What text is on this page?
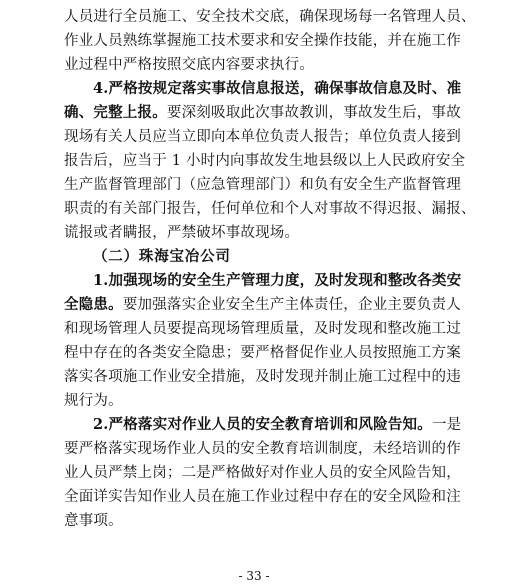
人员进行全员施工、安全技术交底，确保现场每一名管理人员、
作业人员熟练掌握施工技术要求和安全操作技能，并在施工作
业过程中严格按照交底内容要求执行。
4.严格按规定落实事故信息报送，确保事故信息及时、准
确、完整上报。要深刻吸取此次事故教训，事故发生后，事故
现场有关人员应当立即向本单位负责人报告；单位负责人接到
报告后，应当于 1 小时内向事故发生地县级以上人民政府安全
生产监督管理部门（应急管理部门）和负有安全生产监督管理
职责的有关部门报告，任何单位和个人对事故不得迟报、漏报、
谎报或者瞒报，严禁破坏事故现场。
（二）珠海宝冶公司
1.加强现场的安全生产管理力度，及时发现和整改各类安
全隐患。要加强落实企业安全生产主体责任，企业主要负责人
和现场管理人员要提高现场管理质量，及时发现和整改施工过
程中存在的各类安全隐患；要严格督促作业人员按照施工方案
落实各项施工作业安全措施，及时发现并制止施工过程中的违
规行为。
2.严格落实对作业人员的安全教育培训和风险告知。一是
要严格落实现场作业人员的安全教育培训制度，未经培训的作
业人员严禁上岗；二是严格做好对作业人员的安全风险告知，
全面详实告知作业人员在施工作业过程中存在的安全风险和注
意事项。
- 33 -
